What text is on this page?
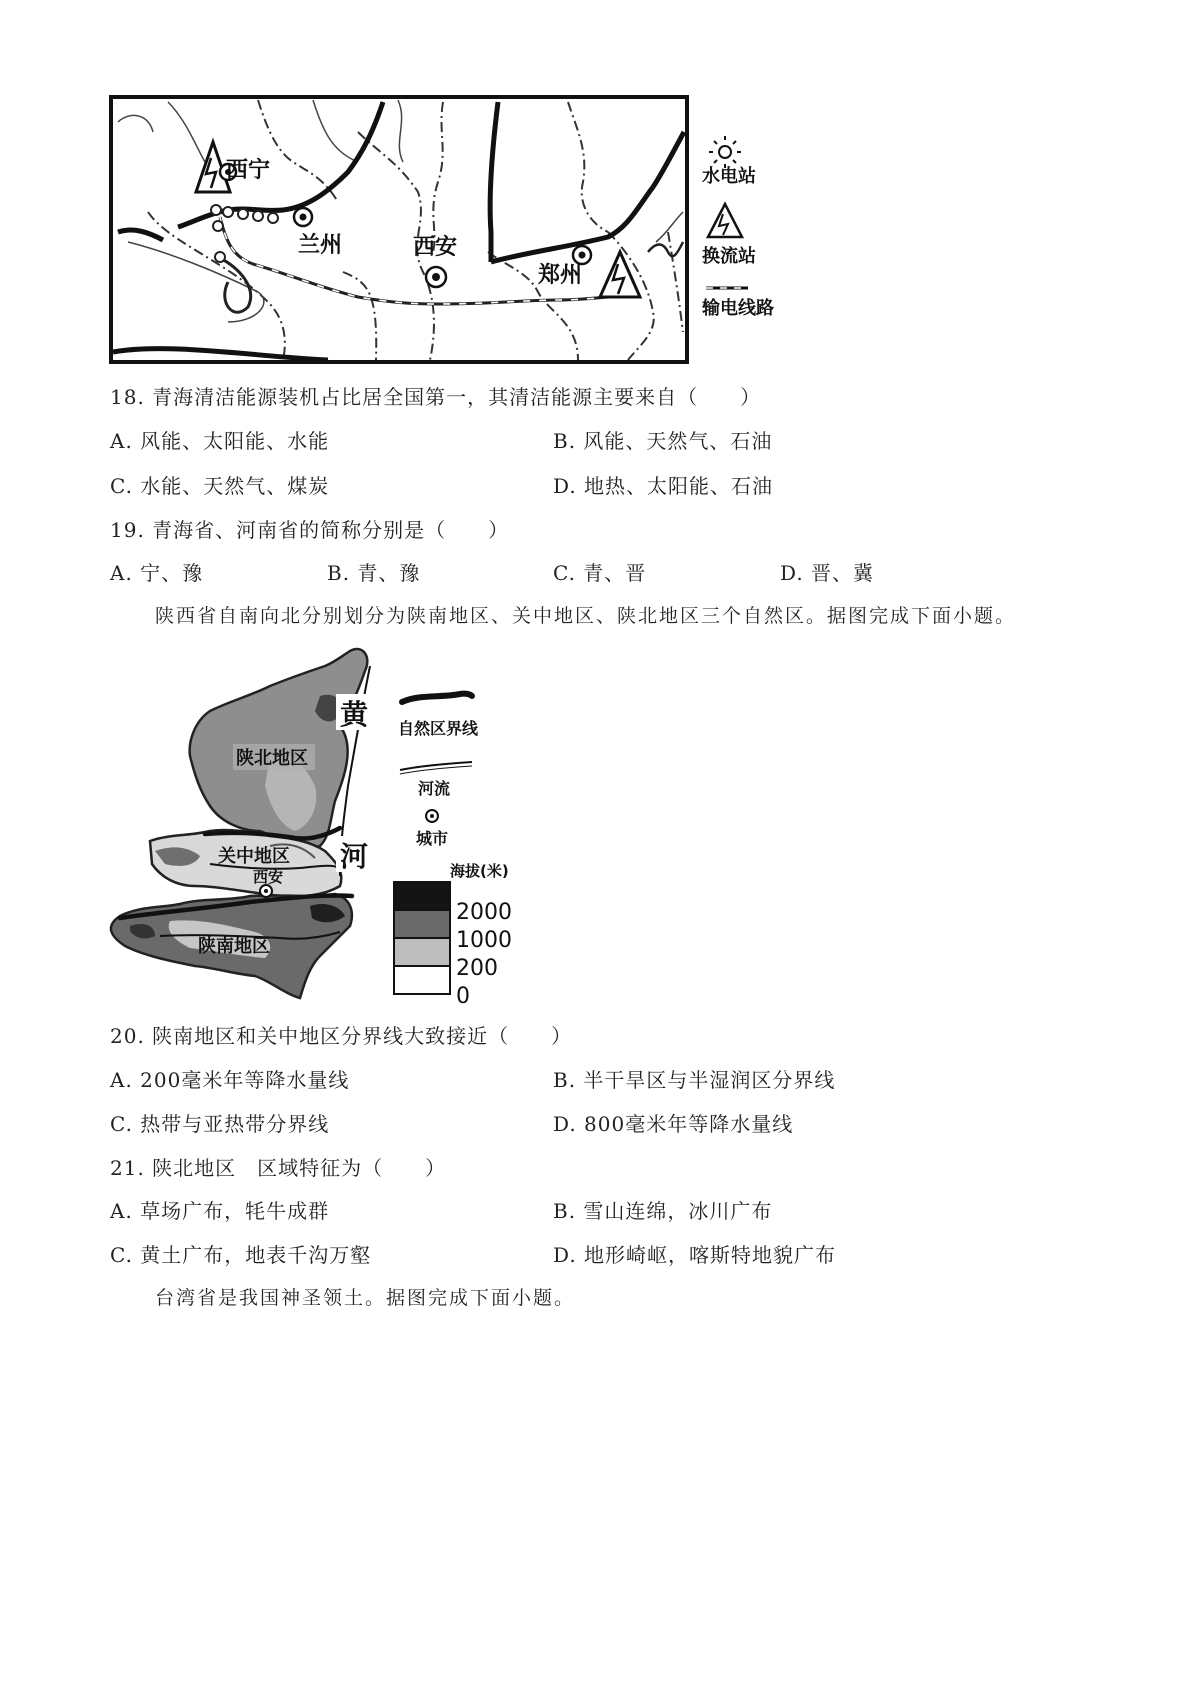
西宁
兰州	西安
郑州
水电站
换流站
输电线路
18. 青海清洁能源装机占比居全国第一，其清洁能源主要来自（　　）
A. 风能、太阳能、水能	B. 风能、天然气、石油
C. 水能、天然气、煤炭	D. 地热、太阳能、石油
19. 青海省、河南省的简称分别是（　　）
A. 宁、豫	B. 青、豫	C. 青、晋	D. 晋、冀
陕西省自南向北分别划分为陕南地区、关中地区、陕北地区三个自然区。据图完成下面小题。
黄
河
陕北地区
关中地区
陕南地区
西安
自然区界线
河流
城市
海拔(米)
2000
1000
200
0
20. 陕南地区和关中地区分界线大致接近（　　）
A. 200毫米年等降水量线	B. 半干旱区与半湿润区分界线
C. 热带与亚热带分界线	D. 800毫米年等降水量线
21. 陕北地区　区域特征为（　　）
A. 草场广布，牦牛成群	B. 雪山连绵，冰川广布
C. 黄土广布，地表千沟万壑	D. 地形崎岖，喀斯特地貌广布
台湾省是我国神圣领土。据图完成下面小题。
